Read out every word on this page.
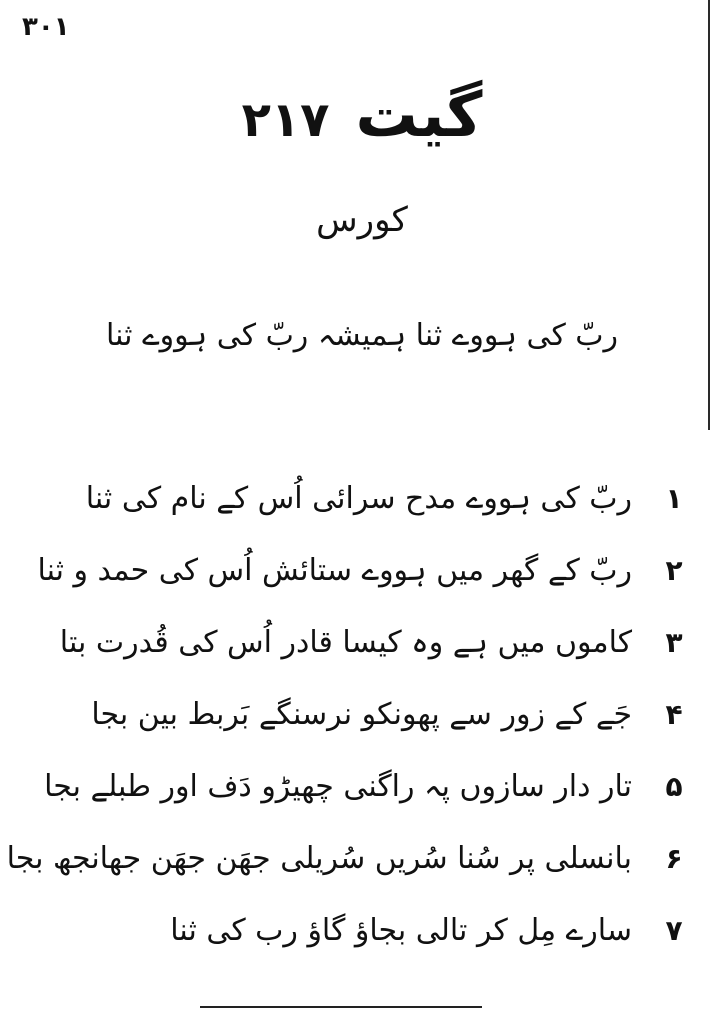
۳۰۱
گیت
۲۱۷
کورس
ربّ کی ہووے ثنا ہمیشہ ربّ کی ہووے ثنا
۱
ربّ کی ہووے مدح سرائی اُس کے نام کی ثنا
۲
ربّ کے گھر میں ہووے ستائش اُس کی حمد و ثنا
۳
کاموں میں ہے وہ کیسا قادر اُس کی قُدرت بتا
۴
جَے کے زور سے پھونکو نرسنگے بَربط بین بجا
۵
تار دار سازوں پہ راگنی چھیڑو دَف اور طبلے بجا
۶
بانسلی پر سُنا سُریں سُریلی جھَن جھَن جھانجھ بجا
۷
سارے مِل کر تالی بجاؤ گاؤ رب کی ثنا
